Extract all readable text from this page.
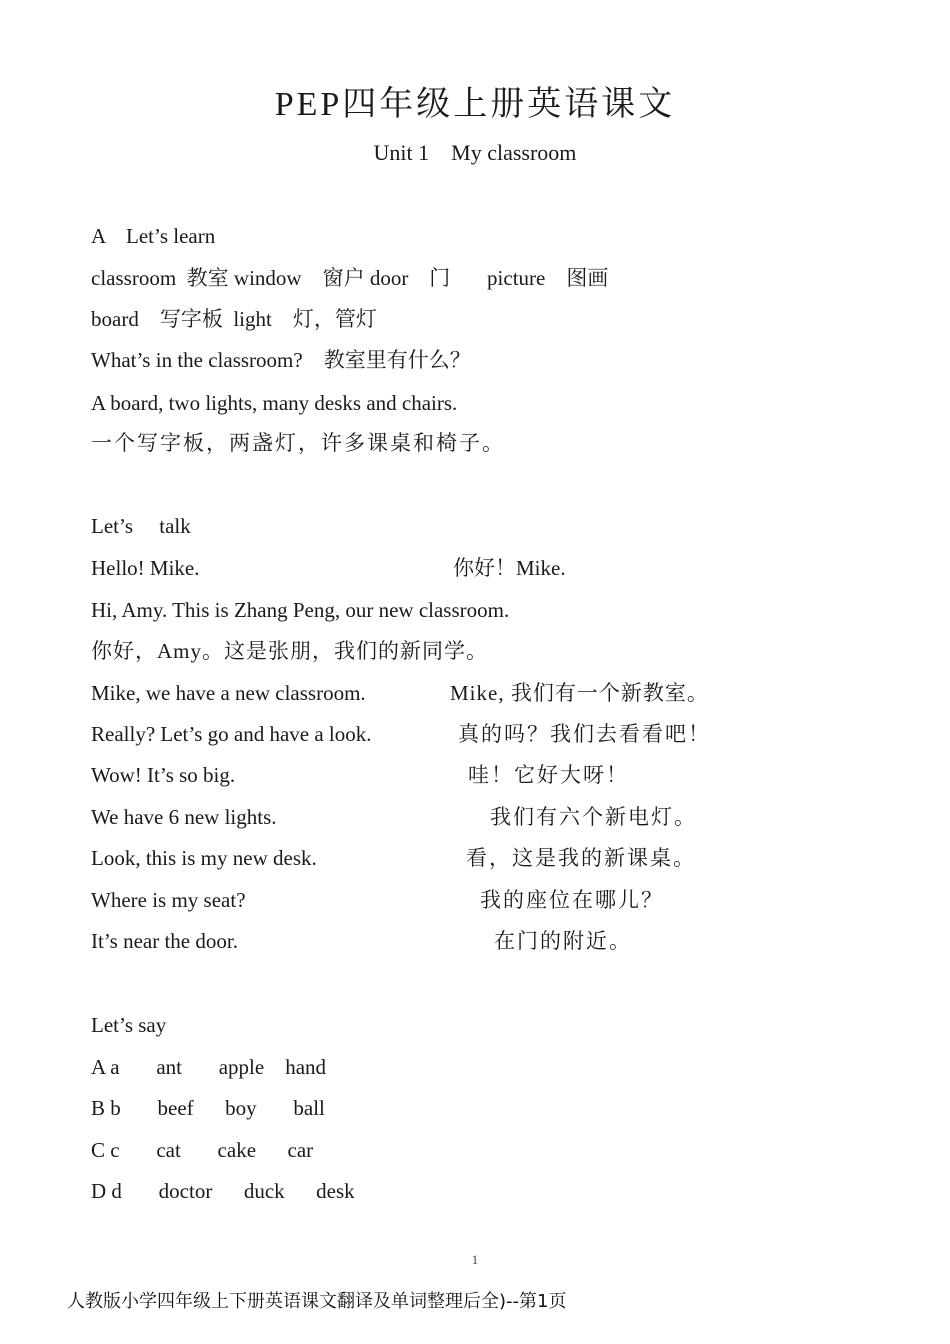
PEP四年级上册英语课文
Unit 1    My classroom
A    Let’s learn
classroom  教室 window    窗户 door    门       picture    图画
board    写字板  light    灯，管灯
What’s in the classroom?    教室里有什么？
A board, two lights, many desks and chairs.
一个写字板，两盏灯，许多课桌和椅子。
Let’s     talk
Hello! Mike.	你好！Mike.
Hi, Amy. This is Zhang Peng, our new classroom.
你好，Amy。这是张朋，我们的新同学。
Mike, we have a new classroom.	Mike, 我们有一个新教室。
Really? Let’s go and have a look.	真的吗？我们去看看吧！
Wow! It’s so big.	哇！它好大呀！
We have 6 new lights.	我们有六个新电灯。
Look, this is my new desk.	看，这是我的新课桌。
Where is my seat?	我的座位在哪儿？
It’s near the door.	在门的附近。
Let’s say
A a       ant       apple    hand
B b       beef      boy       ball
C c       cat       cake      car
D d       doctor      duck      desk
1
人教版小学四年级上下册英语课文翻译及单词整理后全)--第1页
